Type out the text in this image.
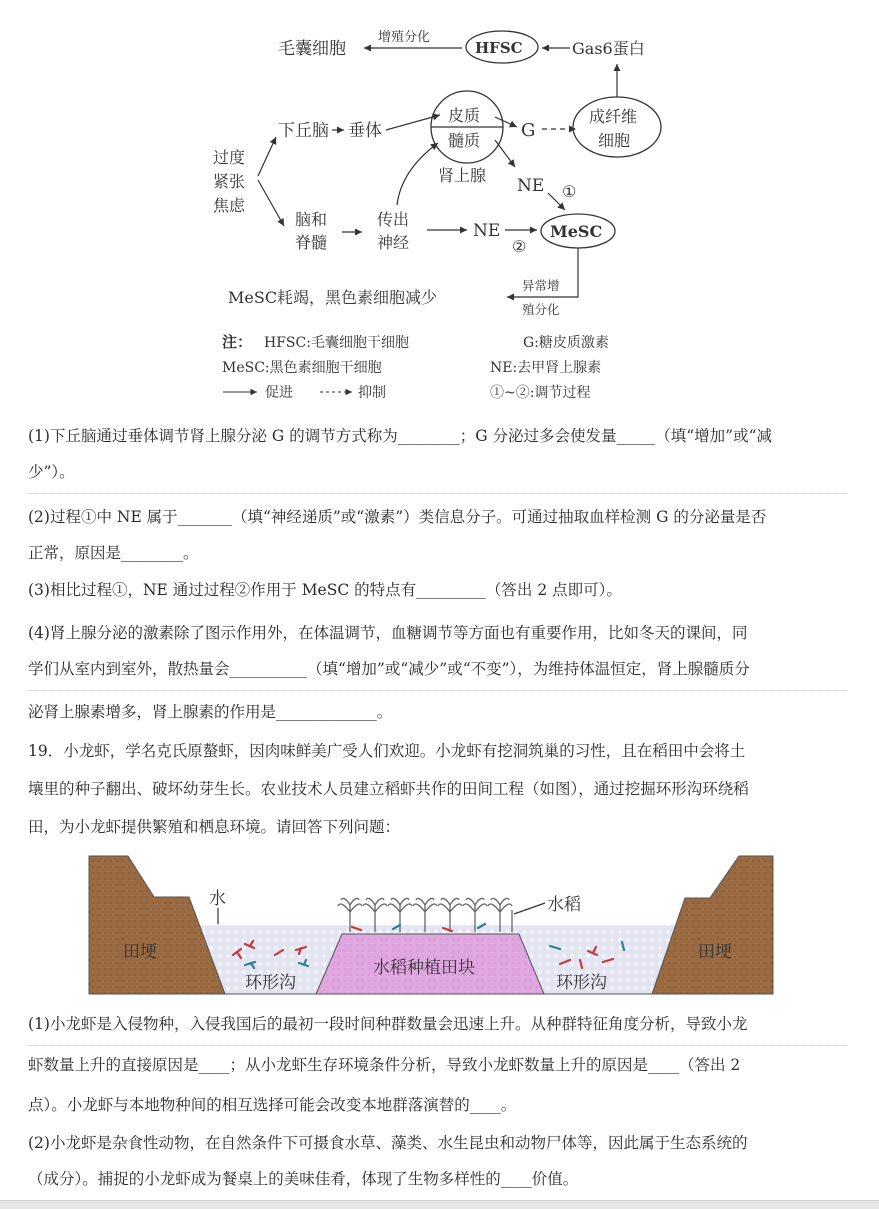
毛囊细胞
增殖分化
HFSC	Gas6蛋白
过度
紧张
焦虑
下丘脑 垂体
皮质
髓质
肾上腺
G
成纤维
细胞
NE ①
脑和
脊髓
传出
神经
NE
②
MeSC
异常增
殖分化
MeSC耗竭，黑色素细胞减少
注： HFSC:毛囊细胞干细胞	G:糖皮质激素
MeSC:黑色素细胞干细胞	NE:去甲肾上腺素
促进	抑制	①~②:调节过程
(1)下丘脑通过垂体调节肾上腺分泌 G 的调节方式称为________；G 分泌过多会使发量_____（填“增加”或“减
少”）。
(2)过程①中 NE 属于_______（填“神经递质”或“激素”）类信息分子。可通过抽取血样检测 G 的分泌量是否
正常，原因是________。
(3)相比过程①，NE 通过过程②作用于 MeSC 的特点有_________（答出 2 点即可）。
(4)肾上腺分泌的激素除了图示作用外，在体温调节，血糖调节等方面也有重要作用，比如冬天的课间，同
学们从室内到室外，散热量会__________（填“增加”或“减少”或“不变”），为维持体温恒定，肾上腺髓质分
泌肾上腺素增多，肾上腺素的作用是_____________。
19．小龙虾，学名克氏原螯虾，因肉味鲜美广受人们欢迎。小龙虾有挖洞筑巢的习性，且在稻田中会将土
壤里的种子翻出、破坏幼芽生长。农业技术人员建立稻虾共作的田间工程（如图），通过挖掘环形沟环绕稻
田，为小龙虾提供繁殖和栖息环境。请回答下列问题：
水	水稻
田埂	田埂
水稻种植田块
环形沟	环形沟
(1)小龙虾是入侵物种，入侵我国后的最初一段时间种群数量会迅速上升。从种群特征角度分析，导致小龙
虾数量上升的直接原因是____；从小龙虾生存环境条件分析，导致小龙虾数量上升的原因是____（答出 2
点）。小龙虾与本地物种间的相互选择可能会改变本地群落演替的____。
(2)小龙虾是杂食性动物，在自然条件下可摄食水草、藻类、水生昆虫和动物尸体等，因此属于生态系统的
（成分）。捕捉的小龙虾成为餐桌上的美味佳肴，体现了生物多样性的____价值。
